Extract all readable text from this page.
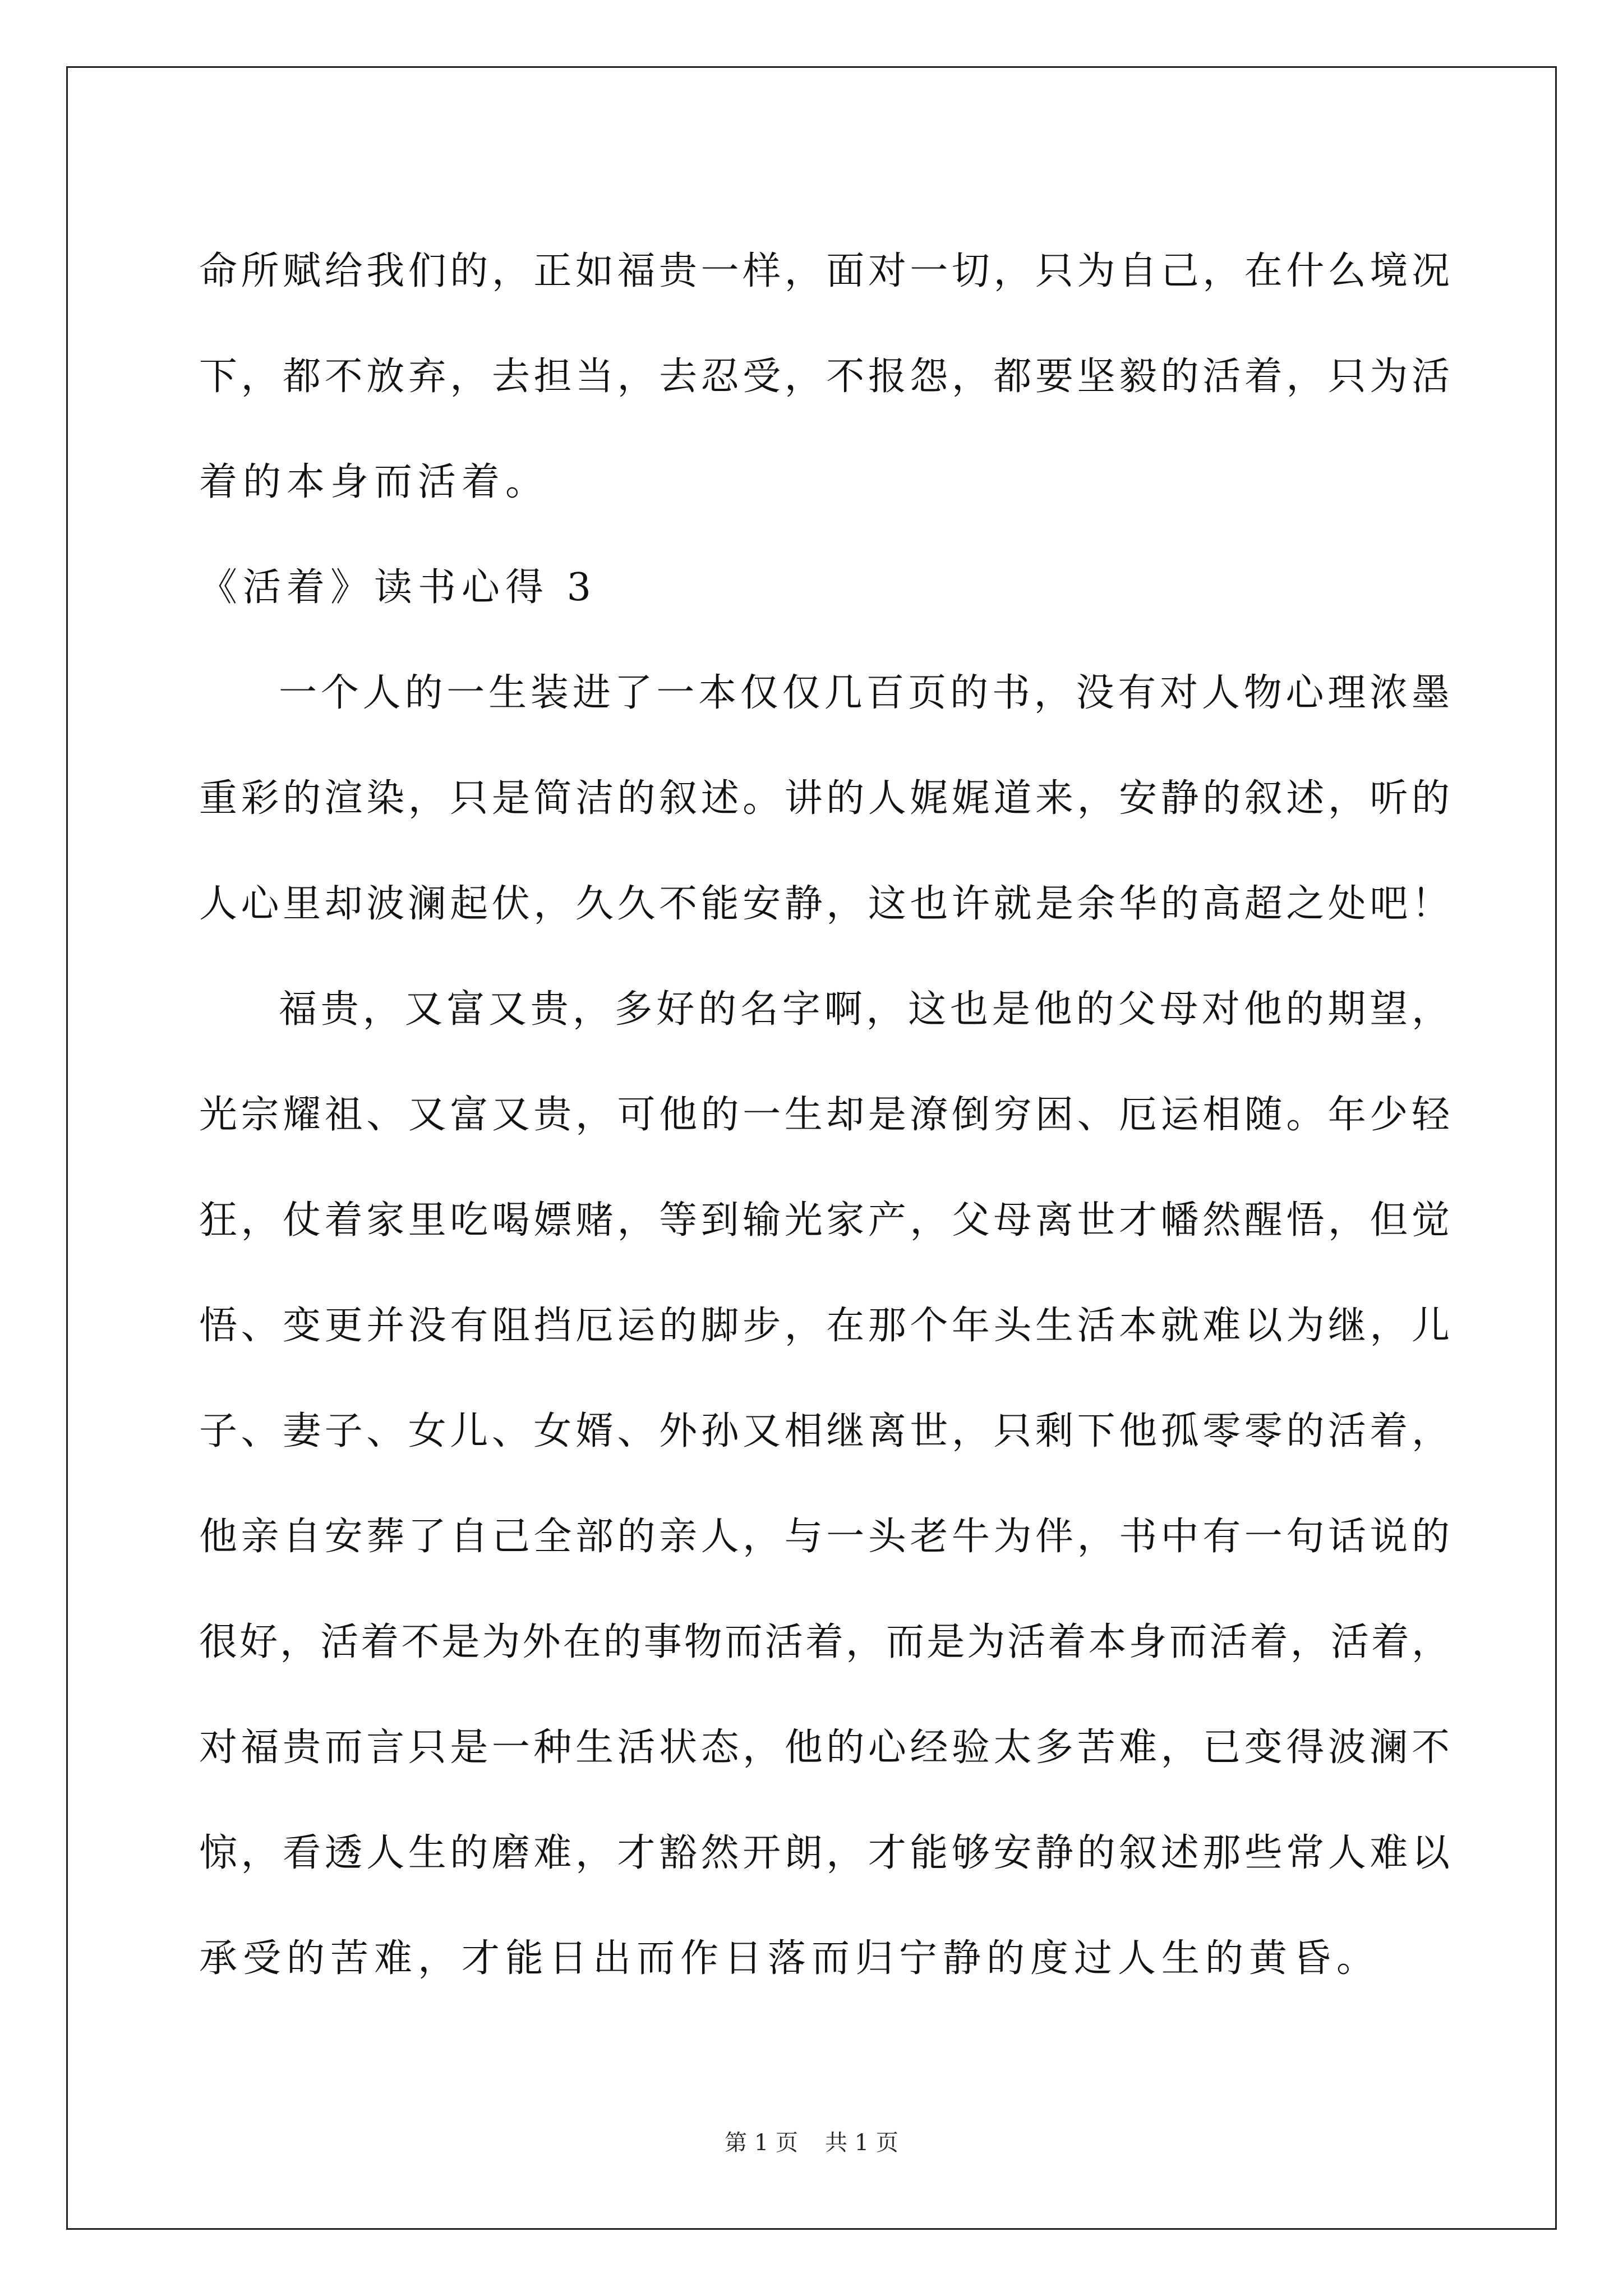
命所赋给我们的，正如福贵一样，面对一切，只为自己，在什么境况
下，都不放弃，去担当，去忍受，不报怨，都要坚毅的活着，只为活
着的本身而活着。
《活着》读书心得 3
一个人的一生装进了一本仅仅几百页的书，没有对人物心理浓墨
重彩的渲染，只是简洁的叙述。讲的人娓娓道来，安静的叙述，听的
人心里却波澜起伏，久久不能安静，这也许就是余华的高超之处吧！
福贵，又富又贵，多好的名字啊，这也是他的父母对他的期望，
光宗耀祖、又富又贵，可他的一生却是潦倒穷困、厄运相随。年少轻
狂，仗着家里吃喝嫖赌，等到输光家产，父母离世才幡然醒悟，但觉
悟、变更并没有阻挡厄运的脚步，在那个年头生活本就难以为继，儿
子、妻子、女儿、女婿、外孙又相继离世，只剩下他孤零零的活着，
他亲自安葬了自己全部的亲人，与一头老牛为伴，书中有一句话说的
很好，活着不是为外在的事物而活着，而是为活着本身而活着，活着，
对福贵而言只是一种生活状态，他的心经验太多苦难，已变得波澜不
惊，看透人生的磨难，才豁然开朗，才能够安静的叙述那些常人难以
承受的苦难，才能日出而作日落而归宁静的度过人生的黄昏。
第 1 页 共 1 页
